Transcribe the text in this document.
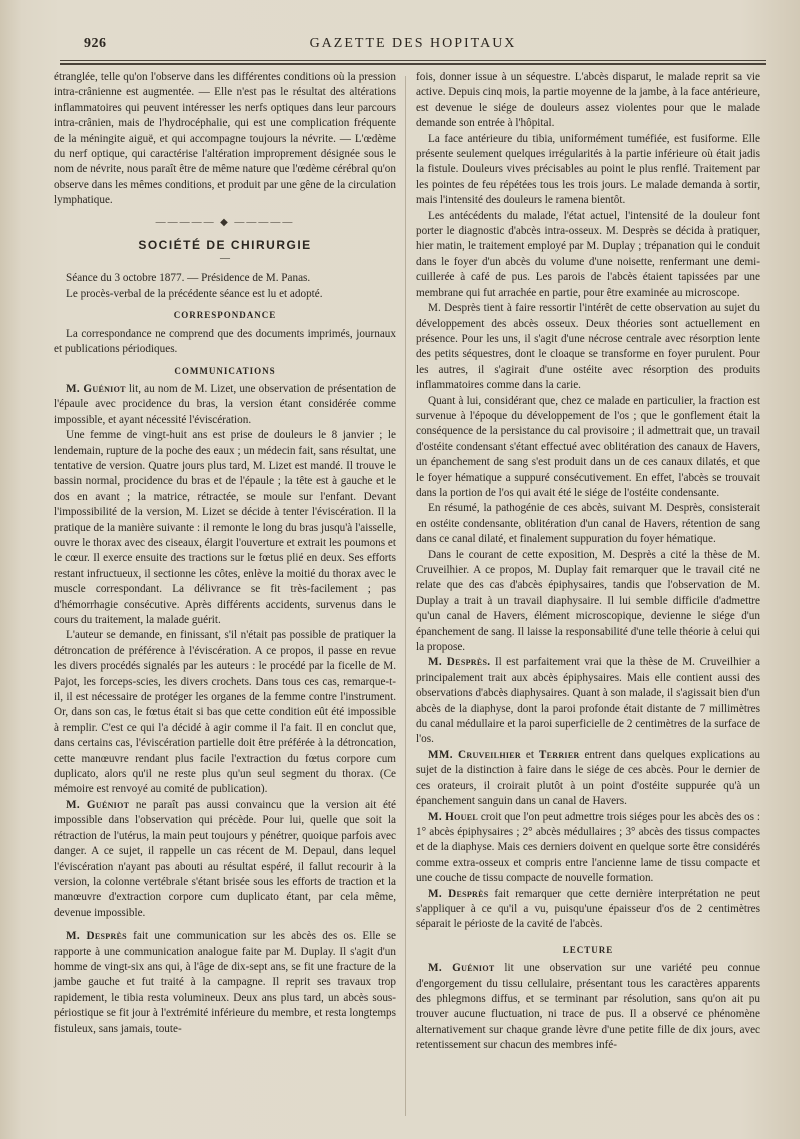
926	GAZETTE DES HOPITAUX

étranglée, telle qu'on l'observe dans les différentes conditions où la pression intra-crânienne est augmentée. — Elle n'est pas le résultat des altérations inflammatoires qui peuvent intéresser les nerfs optiques dans leur parcours intra-crânien, mais de l'hydrocéphalie, qui est une complication fréquente de la méningite aiguë, et qui accompagne toujours la névrite. — L'œdème du nerf optique, qui caractérise l'altération improprement désignée sous le nom de névrite, nous paraît être de même nature que l'œdème cérébral qu'on observe dans les mêmes conditions, et produit par une gêne de la circulation lymphatique.

————— ◆ —————
SOCIÉTÉ DE CHIRURGIE
—

Séance du 3 octobre 1877. — Présidence de M. Panas.

Le procès-verbal de la précédente séance est lu et adopté.

CORRESPONDANCE

La correspondance ne comprend que des documents imprimés, journaux et publications périodiques.

COMMUNICATIONS

M. Guéniot lit, au nom de M. Lizet, une observation de présentation de l'épaule avec procidence du bras, la version étant considérée comme impossible, et ayant nécessité l'éviscération.

Une femme de vingt-huit ans est prise de douleurs le 8 janvier ; le lendemain, rupture de la poche des eaux ; un médecin fait, sans résultat, une tentative de version. Quatre jours plus tard, M. Lizet est mandé. Il trouve le bassin normal, procidence du bras et de l'épaule ; la tête est à gauche et le dos en avant ; la matrice, rétractée, se moule sur l'enfant. Devant l'impossibilité de la version, M. Lizet se décide à tenter l'éviscération. Il la pratique de la manière suivante : il remonte le long du bras jusqu'à l'aisselle, ouvre le thorax avec des ciseaux, élargit l'ouverture et extrait les poumons et le cœur. Il exerce ensuite des tractions sur le fœtus plié en deux. Ses efforts restant infructueux, il sectionne les côtes, enlève la moitié du thorax avec le muscle correspondant. La délivrance se fit très-facilement ; pas d'hémorrhagie consécutive. Après différents accidents, survenus dans le cours du traitement, la malade guérit.

L'auteur se demande, en finissant, s'il n'était pas possible de pratiquer la détroncation de préférence à l'éviscération. A ce propos, il passe en revue les divers procédés signalés par les auteurs : le procédé par la ficelle de M. Pajot, les forceps-scies, les divers crochets. Dans tous ces cas, remarque-t-il, il est nécessaire de protéger les organes de la femme contre l'instrument. Or, dans son cas, le fœtus était si bas que cette condition eût été impossible à remplir. C'est ce qui l'a décidé à agir comme il l'a fait. Il en conclut que, dans certains cas, l'éviscération partielle doit être préférée à la détroncation, cette manœuvre rendant plus facile l'extraction du fœtus corpore cum duplicato, alors qu'il ne reste plus qu'un seul segment du thorax. (Ce mémoire est renvoyé au comité de publication).

M. Guéniot ne paraît pas aussi convaincu que la version ait été impossible dans l'observation qui précède. Pour lui, quelle que soit la rétraction de l'utérus, la main peut toujours y pénétrer, quoique parfois avec danger. A ce sujet, il rappelle un cas récent de M. Depaul, dans lequel l'éviscération n'ayant pas abouti au résultat espéré, il fallut recourir à la version, la colonne vertébrale s'étant brisée sous les efforts de traction et la manœuvre d'extraction corpore cum duplicato étant, par cela même, devenue impossible.

M. Desprès fait une communication sur les abcès des os. Elle se rapporte à une communication analogue faite par M. Duplay. Il s'agit d'un homme de vingt-six ans qui, à l'âge de dix-sept ans, se fit une fracture de la jambe gauche et fut traité à la campagne. Il reprit ses travaux trop rapidement, le tibia resta volumineux. Deux ans plus tard, un abcès sous-périostique se fit jour à l'extrémité inférieure du membre, et resta longtemps fistuleux, sans jamais, toute-

fois, donner issue à un séquestre. L'abcès disparut, le malade reprit sa vie active. Depuis cinq mois, la partie moyenne de la jambe, à la face antérieure, est devenue le siége de douleurs assez violentes pour que le malade demande son entrée à l'hôpital.

La face antérieure du tibia, uniformément tuméfiée, est fusiforme. Elle présente seulement quelques irrégularités à la partie inférieure où était jadis la fistule. Douleurs vives précisables au point le plus renflé. Traitement par les pointes de feu répétées tous les trois jours. Le malade demanda à sortir, mais l'intensité des douleurs le ramena bientôt.

Les antécédents du malade, l'état actuel, l'intensité de la douleur font porter le diagnostic d'abcès intra-osseux. M. Desprès se décida à pratiquer, hier matin, le traitement employé par M. Duplay ; trépanation qui le conduit dans le foyer d'un abcès du volume d'une noisette, renfermant une demi-cuillerée à café de pus. Les parois de l'abcès étaient tapissées par une membrane qui fut arrachée en partie, pour être examinée au microscope.

M. Desprès tient à faire ressortir l'intérêt de cette observation au sujet du développement des abcès osseux. Deux théories sont actuellement en présence. Pour les uns, il s'agit d'une nécrose centrale avec résorption lente des petits séquestres, dont le cloaque se transforme en foyer purulent. Pour les autres, il s'agirait d'une ostéite avec résorption des produits inflammatoires comme dans la carie.

Quant à lui, considérant que, chez ce malade en particulier, la fraction est survenue à l'époque du développement de l'os ; que le gonflement était la conséquence de la persistance du cal provisoire ; il admettrait que, un travail d'ostéite condensant s'étant effectué avec oblitération des canaux de Havers, un épanchement de sang s'est produit dans un de ces canaux dilatés, et que le foyer hématique a suppuré consécutivement. En effet, l'abcès se trouvait dans la portion de l'os qui avait été le siége de l'ostéite condensante.

En résumé, la pathogénie de ces abcès, suivant M. Desprès, consisterait en ostéite condensante, oblitération d'un canal de Havers, rétention de sang dans ce canal dilaté, et finalement suppuration du foyer hématique.

Dans le courant de cette exposition, M. Desprès a cité la thèse de M. Cruveilhier. A ce propos, M. Duplay fait remarquer que le travail cité ne relate que des cas d'abcès épiphysaires, tandis que l'observation de M. Duplay a trait à un travail diaphysaire. Il lui semble difficile d'admettre qu'un canal de Havers, élément microscopique, devienne le siége d'un épanchement de sang. Il laisse la responsabilité d'une telle théorie à celui qui la propose.

M. Desprès. Il est parfaitement vrai que la thèse de M. Cruveilhier a principalement trait aux abcès épiphysaires. Mais elle contient aussi des observations d'abcès diaphysaires. Quant à son malade, il s'agissait bien d'un abcès de la diaphyse, dont la paroi profonde était distante de 7 millimètres du canal médullaire et la paroi superficielle de 2 centimètres de la surface de l'os.

MM. Cruveilhier et Terrier entrent dans quelques explications au sujet de la distinction à faire dans le siége de ces abcès. Pour le dernier de ces orateurs, il croirait plutôt à un point d'ostéite suppurée qu'à un épanchement sanguin dans un canal de Havers.

M. Houel croit que l'on peut admettre trois siéges pour les abcès des os : 1° abcès épiphysaires ; 2° abcès médullaires ; 3° abcès des tissus compactes et de la diaphyse. Mais ces derniers doivent en quelque sorte être considérés comme extra-osseux et compris entre l'ancienne lame de tissu compacte et une couche de tissu compacte de nouvelle formation.

M. Desprès fait remarquer que cette dernière interprétation ne peut s'appliquer à ce qu'il a vu, puisqu'une épaisseur d'os de 2 centimètres séparait le périoste de la cavité de l'abcès.

LECTURE

M. Guéniot lit une observation sur une variété peu connue d'engorgement du tissu cellulaire, présentant tous les caractères apparents des phlegmons diffus, et se terminant par résolution, sans qu'on ait pu trouver aucune fluctuation, ni trace de pus. Il a observé ce phénomène alternativement sur chaque grande lèvre d'une petite fille de dix jours, avec retentissement sur chacun des membres infé-
